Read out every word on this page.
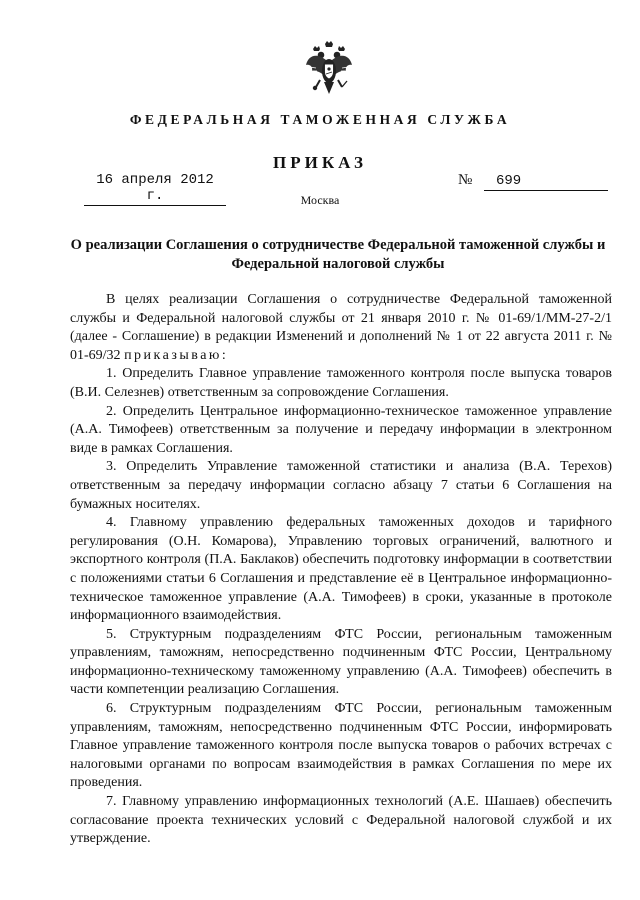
ФЕДЕРАЛЬНАЯ ТАМОЖЕННАЯ СЛУЖБА
ПРИКАЗ
16 апреля 2012 г.
№	699
Москва
О реализации Соглашения о сотрудничестве Федеральной таможенной службы и Федеральной налоговой службы

В целях реализации Соглашения о сотрудничестве Федеральной таможенной службы и Федеральной налоговой службы от 21 января 2010 г. № 01-69/1/ММ-27-2/1 (далее - Соглашение) в редакции Изменений и дополнений № 1 от 22 августа 2011 г. № 01-69/32 приказываю:

1. Определить Главное управление таможенного контроля после выпуска товаров (В.И. Селезнев) ответственным за сопровождение Соглашения.

2. Определить Центральное информационно-техническое таможенное управление (А.А. Тимофеев) ответственным за получение и передачу информации в электронном виде в рамках Соглашения.

3. Определить Управление таможенной статистики и анализа (В.А. Терехов) ответственным за передачу информации согласно абзацу 7 статьи 6 Соглашения на бумажных носителях.

4. Главному управлению федеральных таможенных доходов и тарифного регулирования (О.Н. Комарова), Управлению торговых ограничений, валютного и экспортного контроля (П.А. Баклаков) обеспечить подготовку информации в соответствии с положениями статьи 6 Соглашения и представление её в Центральное информационно-техническое таможенное управление (А.А. Тимофеев) в сроки, указанные в протоколе информационного взаимодействия.

5. Структурным подразделениям ФТС России, региональным таможенным управлениям, таможням, непосредственно подчиненным ФТС России, Центральному информационно-техническому таможенному управлению (А.А. Тимофеев) обеспечить в части компетенции реализацию Соглашения.

6. Структурным подразделениям ФТС России, региональным таможенным управлениям, таможням, непосредственно подчиненным ФТС России, информировать Главное управление таможенного контроля после выпуска товаров о рабочих встречах с налоговыми органами по вопросам взаимодействия в рамках Соглашения по мере их проведения.

7. Главному управлению информационных технологий (А.Е. Шашаев) обеспечить согласование проекта технических условий с Федеральной налоговой службой и их утверждение.
